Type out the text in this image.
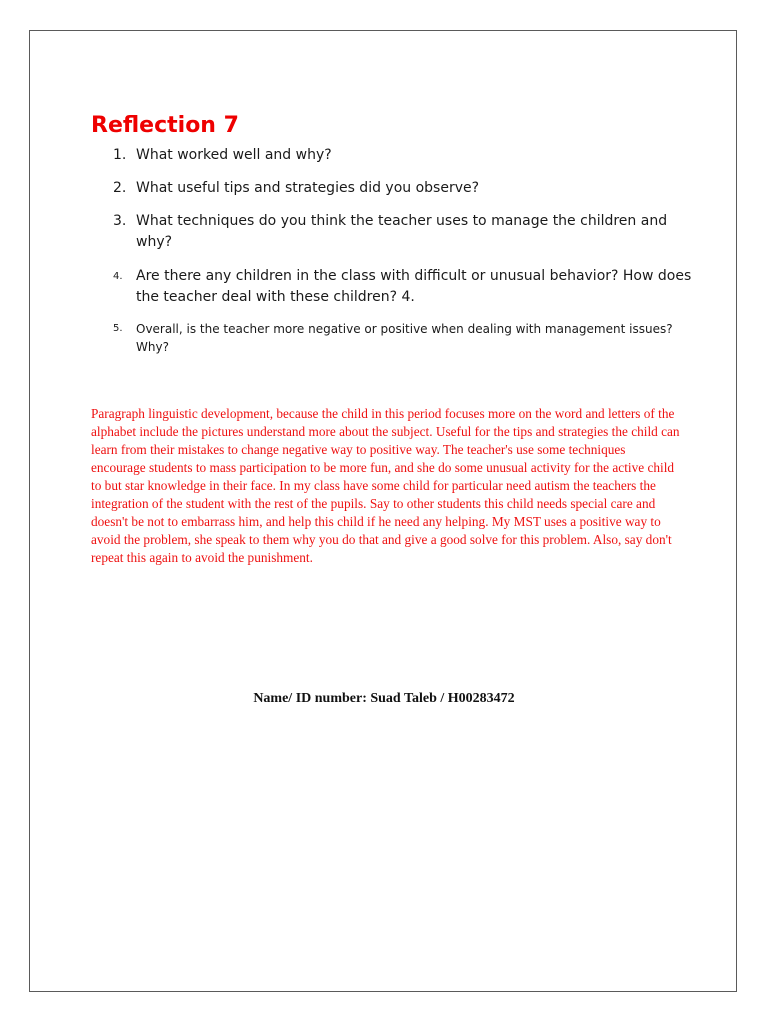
Reflection 7
1. What worked well and why?
2. What useful tips and strategies did you observe?
3. What techniques do you think the teacher uses to manage the children and why?
4. Are there any children in the class with difficult or unusual behavior? How does the teacher deal with these children? 4.
5. Overall, is the teacher more negative or positive when dealing with management issues? Why?

Paragraph linguistic development, because the child in this period focuses more on the word and letters of the alphabet include the pictures understand more about the subject. Useful for the tips and strategies the child can learn from their mistakes to change negative way to positive way. The teacher's use some techniques encourage students to mass participation to be more fun, and she do some unusual activity for the active child to but star knowledge in their face. In my class have some child for particular need autism the teachers the integration of the student with the rest of the pupils. Say to other students this child needs special care and doesn't be not to embarrass him, and help this child if he need any helping. My MST uses a positive way to avoid the problem, she speak to them why you do that and give a good solve for this problem. Also, say don't repeat this again to avoid the punishment.

Name/ ID number: Suad Taleb / H00283472
